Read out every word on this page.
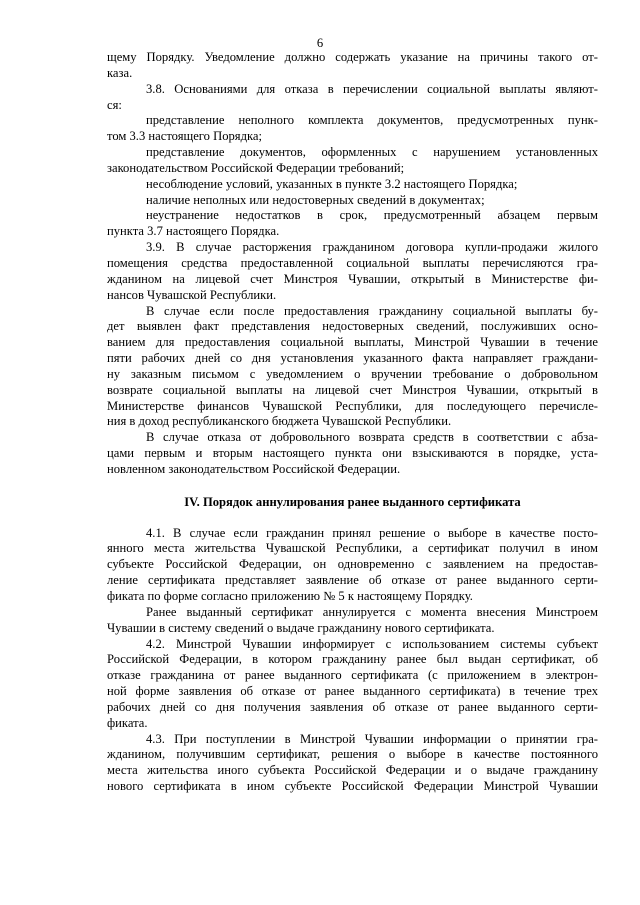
6

щему Порядку. Уведомление должно содержать указание на причины такого от-

каза.

3.8. Основаниями для отказа в перечислении социальной выплаты являют-

ся:

представление неполного комплекта документов, предусмотренных пунк-

том 3.3 настоящего Порядка;

представление документов, оформленных с нарушением установленных

законодательством Российской Федерации требований;

несоблюдение условий, указанных в пункте 3.2 настоящего Порядка;

наличие неполных или недостоверных сведений в документах;

неустранение недостатков в срок, предусмотренный абзацем первым

пункта 3.7 настоящего Порядка.

3.9. В случае расторжения гражданином договора купли-продажи жилого

помещения средства предоставленной социальной выплаты перечисляются гра-

жданином на лицевой счет Минстроя Чувашии, открытый в Министерстве фи-

нансов Чувашской Республики.

В случае если после предоставления гражданину социальной выплаты бу-

дет выявлен факт представления недостоверных сведений, послуживших осно-

ванием для предоставления социальной выплаты, Минстрой Чувашии в течение

пяти рабочих дней со дня установления указанного факта направляет граждани-

ну заказным письмом с уведомлением о вручении требование о добровольном

возврате социальной выплаты на лицевой счет Минстроя Чувашии, открытый в

Министерстве финансов Чувашской Республики, для последующего перечисле-

ния в доход республиканского бюджета Чувашской Республики.

В случае отказа от добровольного возврата средств в соответствии с абза-

цами первым и вторым настоящего пункта они взыскиваются в порядке, уста-

новленном законодательством Российской Федерации.

IV. Порядок аннулирования ранее выданного сертификата

4.1. В случае если гражданин принял решение о выборе в качестве посто-

янного места жительства Чувашской Республики, а сертификат получил в ином

субъекте Российской Федерации, он одновременно с заявлением на предостав-

ление сертификата представляет заявление об отказе от ранее выданного серти-

фиката по форме согласно приложению № 5 к настоящему Порядку.

Ранее выданный сертификат аннулируется с момента внесения Минстроем

Чувашии в систему сведений о выдаче гражданину нового сертификата.

4.2. Минстрой Чувашии информирует с использованием системы субъект

Российской Федерации, в котором гражданину ранее был выдан сертификат, об

отказе гражданина от ранее выданного сертификата (с приложением в электрон-

ной форме заявления об отказе от ранее выданного сертификата) в течение трех

рабочих дней со дня получения заявления об отказе от ранее выданного серти-

фиката.

4.3. При поступлении в Минстрой Чувашии информации о принятии гра-

жданином, получившим сертификат, решения о выборе в качестве постоянного

места жительства иного субъекта Российской Федерации и о выдаче гражданину

нового сертификата в ином субъекте Российской Федерации Минстрой Чувашии
